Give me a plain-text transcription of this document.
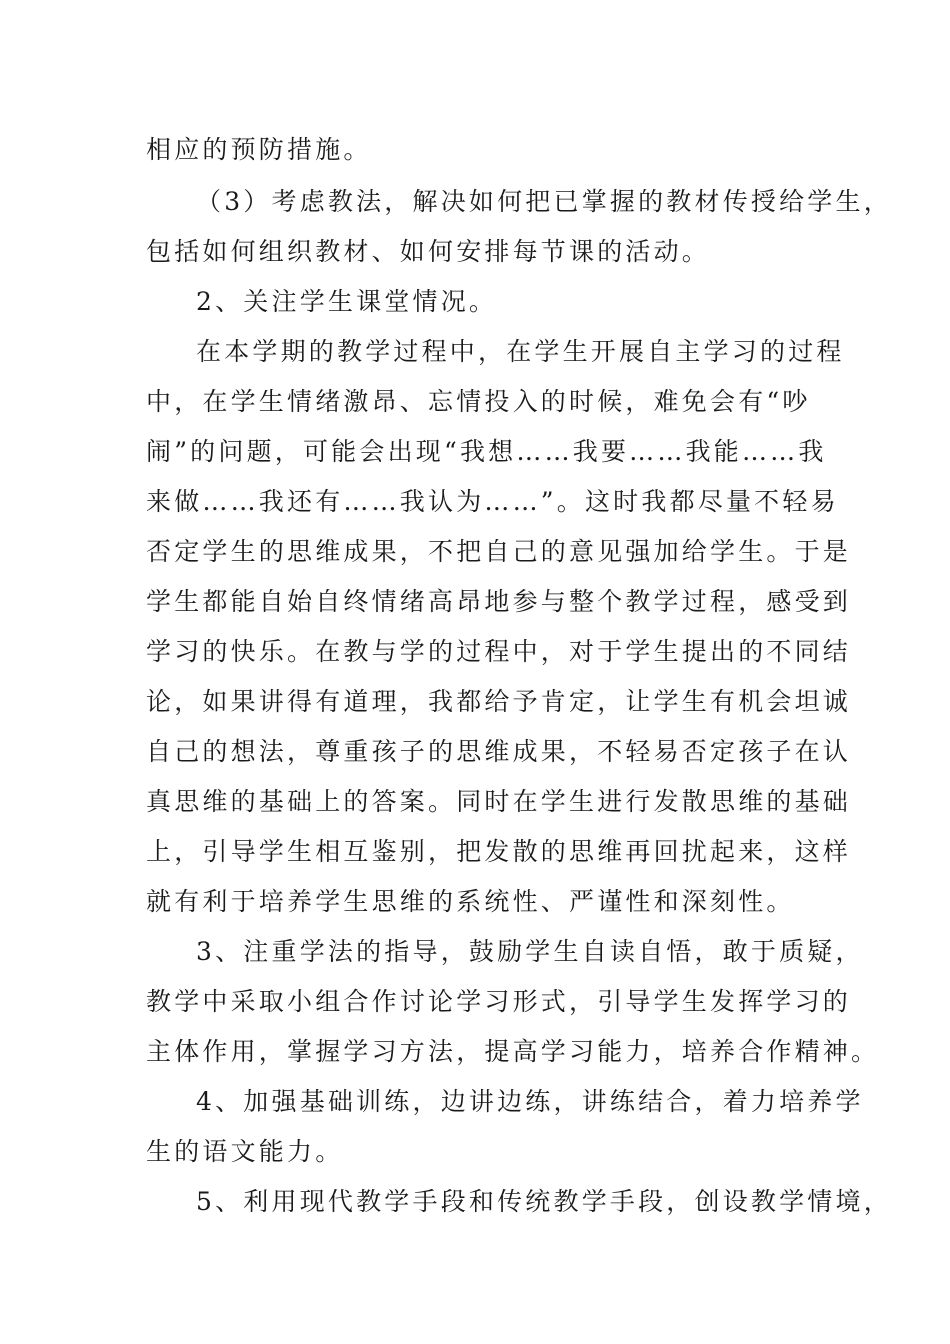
相应的预防措施。

（3）考虑教法，解决如何把已掌握的教材传授给学生，

包括如何组织教材、如何安排每节课的活动。

2、关注学生课堂情况。

在本学期的教学过程中，在学生开展自主学习的过程

中，在学生情绪激昂、忘情投入的时候，难免会有“吵

闹”的问题，可能会出现“我想……我要……我能……我

来做……我还有……我认为……”。这时我都尽量不轻易

否定学生的思维成果，不把自己的意见强加给学生。于是

学生都能自始自终情绪高昂地参与整个教学过程，感受到

学习的快乐。在教与学的过程中，对于学生提出的不同结

论，如果讲得有道理，我都给予肯定，让学生有机会坦诚

自己的想法，尊重孩子的思维成果，不轻易否定孩子在认

真思维的基础上的答案。同时在学生进行发散思维的基础

上，引导学生相互鉴别，把发散的思维再回扰起来，这样

就有利于培养学生思维的系统性、严谨性和深刻性。

3、注重学法的指导，鼓励学生自读自悟，敢于质疑，

教学中采取小组合作讨论学习形式，引导学生发挥学习的

主体作用，掌握学习方法，提高学习能力，培养合作精神。

4、加强基础训练，边讲边练，讲练结合，着力培养学

生的语文能力。

5、利用现代教学手段和传统教学手段，创设教学情境，
